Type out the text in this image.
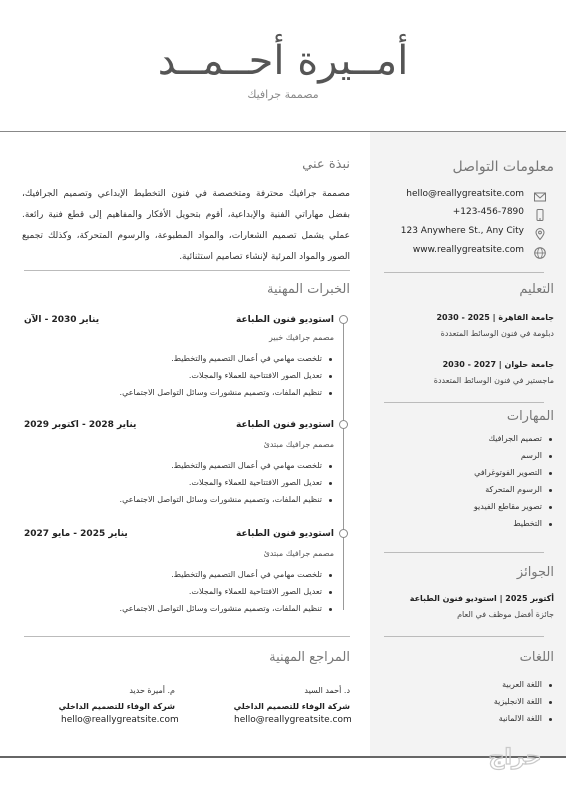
أمــيرة أحــمــد
مصممة جرافيك
نبذة عني
مصممة جرافيك محترفة ومتخصصة في فنون التخطيط الإبداعي وتصميم الجرافيك، بفضل مهاراتي الفنية والإبداعية، أقوم بتحويل الأفكار والمفاهيم إلى قطع فنية رائعة. عملي يشمل تصميم الشعارات، والمواد المطبوعة، والرسوم المتحركة، وكذلك تجميع الصور والمواد المرئية لإنشاء تصاميم استثنائية.
معلومات التواصل
hello@reallygreatsite.com
+123-456-7890
123 Anywhere St., Any City
www.reallygreatsite.com
التعليم
جامعة القاهرة | 2025 - 2030
دبلومة في فنون الوسائط المتعددة
جامعة حلوان | 2027 - 2030
ماجستير في فنون الوسائط المتعددة
المهارات
تصميم الجرافيك
الرسم
التصوير الفوتوغرافي
الرسوم المتحركة
تصوير مقاطع الفيديو
التخطيط
الجوائز
أكتوبر 2025 | استوديو فنون الطباعة
جائزة أفضل موظف في العام
اللغات
اللغة العربية
اللغة الانجليزية
اللغة الالمانية
الخبرات المهنية
استوديو فنون الطباعة
يناير 2030 - الآن
مصمم جرافيك خبير
تلخصت مهامي في أعمال التصميم والتخطيط.
تعديل الصور الافتتاحية للعملاء والمجلات.
تنظيم الملفات، وتصميم منشورات وسائل التواصل الاجتماعي.
استوديو فنون الطباعة
يناير 2028 - اكتوبر 2029
مصمم جرافيك مبتدئ
تلخصت مهامي في أعمال التصميم والتخطيط.
تعديل الصور الافتتاحية للعملاء والمجلات.
تنظيم الملفات، وتصميم منشورات وسائل التواصل الاجتماعي.
استوديو فنون الطباعة
يناير 2025 - مايو 2027
مصمم جرافيك مبتدئ
تلخصت مهامي في أعمال التصميم والتخطيط.
تعديل الصور الافتتاحية للعملاء والمجلات.
تنظيم الملفات، وتصميم منشورات وسائل التواصل الاجتماعي.
المراجع المهنية
د. أحمد السيد
شركة الوفاء للتصميم الداخلي
hello@reallygreatsite.com
م. أميرة حديد
شركة الوفاء للتصميم الداخلي
hello@reallygreatsite.com
حراج
